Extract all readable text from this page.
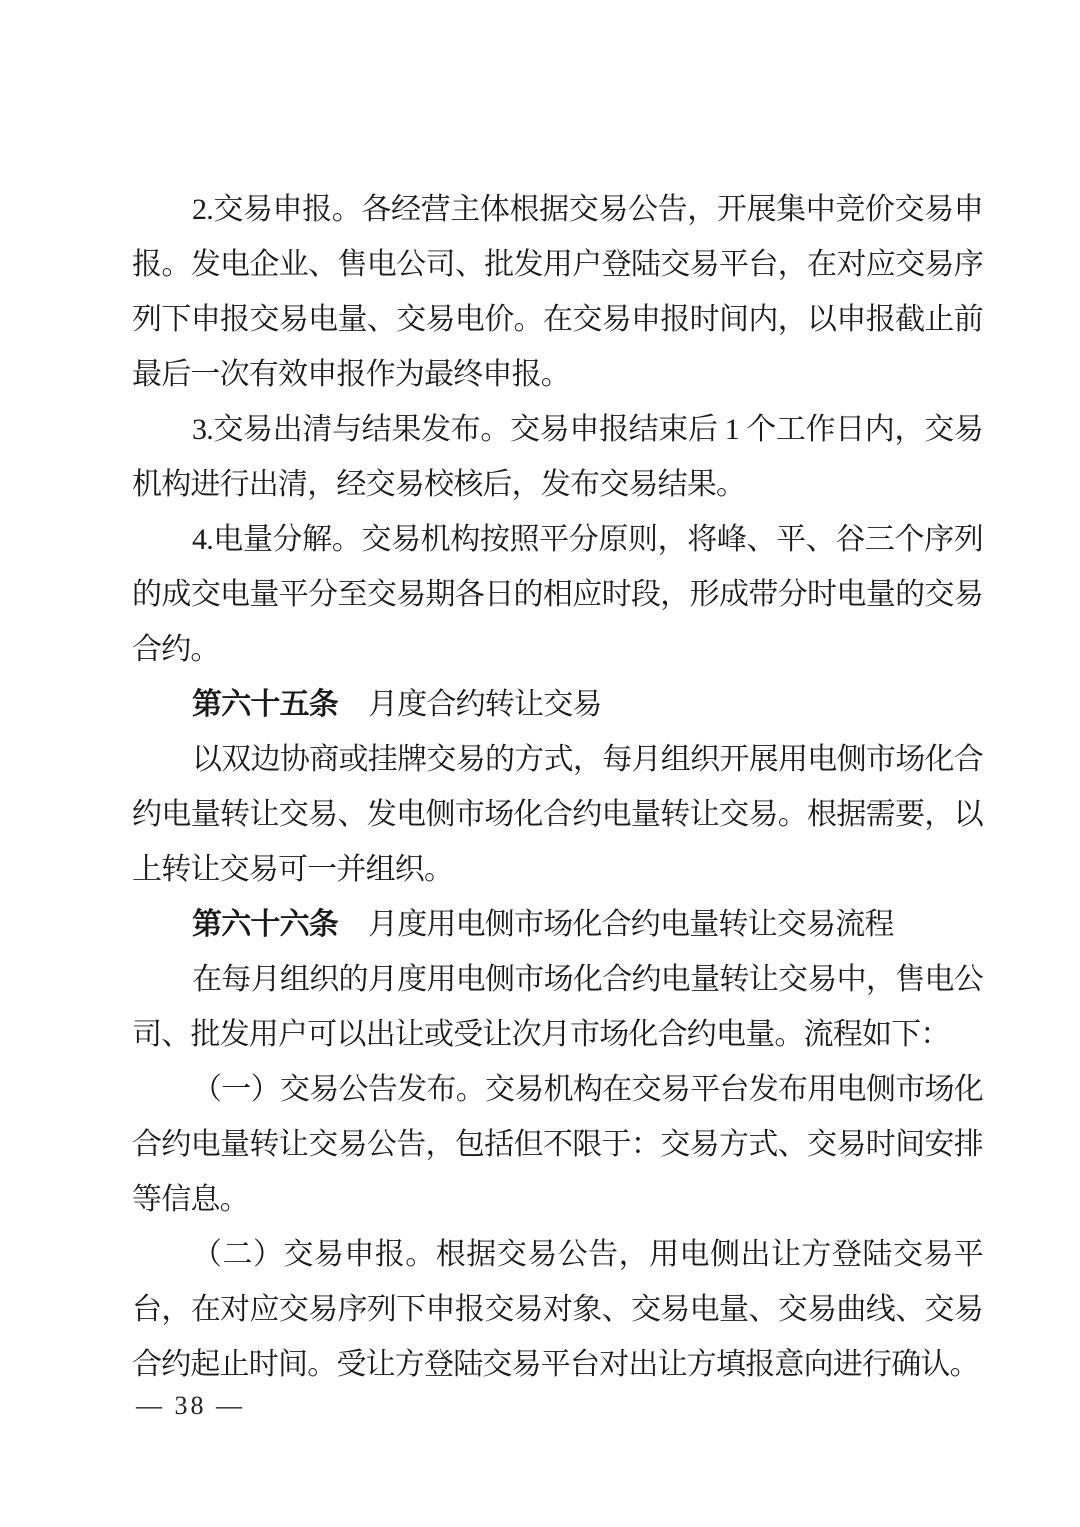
2.交易申报。各经营主体根据交易公告，开展集中竞价交易申报。发电企业、售电公司、批发用户登陆交易平台，在对应交易序列下申报交易电量、交易电价。在交易申报时间内，以申报截止前最后一次有效申报作为最终申报。

3.交易出清与结果发布。交易申报结束后 1 个工作日内，交易机构进行出清，经交易校核后，发布交易结果。

4.电量分解。交易机构按照平分原则，将峰、平、谷三个序列的成交电量平分至交易期各日的相应时段，形成带分时电量的交易合约。

第六十五条 月度合约转让交易

以双边协商或挂牌交易的方式，每月组织开展用电侧市场化合约电量转让交易、发电侧市场化合约电量转让交易。根据需要，以上转让交易可一并组织。

第六十六条 月度用电侧市场化合约电量转让交易流程

在每月组织的月度用电侧市场化合约电量转让交易中，售电公司、批发用户可以出让或受让次月市场化合约电量。流程如下：

（一）交易公告发布。交易机构在交易平台发布用电侧市场化合约电量转让交易公告，包括但不限于：交易方式、交易时间安排等信息。

（二）交易申报。根据交易公告，用电侧出让方登陆交易平台，在对应交易序列下申报交易对象、交易电量、交易曲线、交易合约起止时间。受让方登陆交易平台对出让方填报意向进行确认。

— 38 —
